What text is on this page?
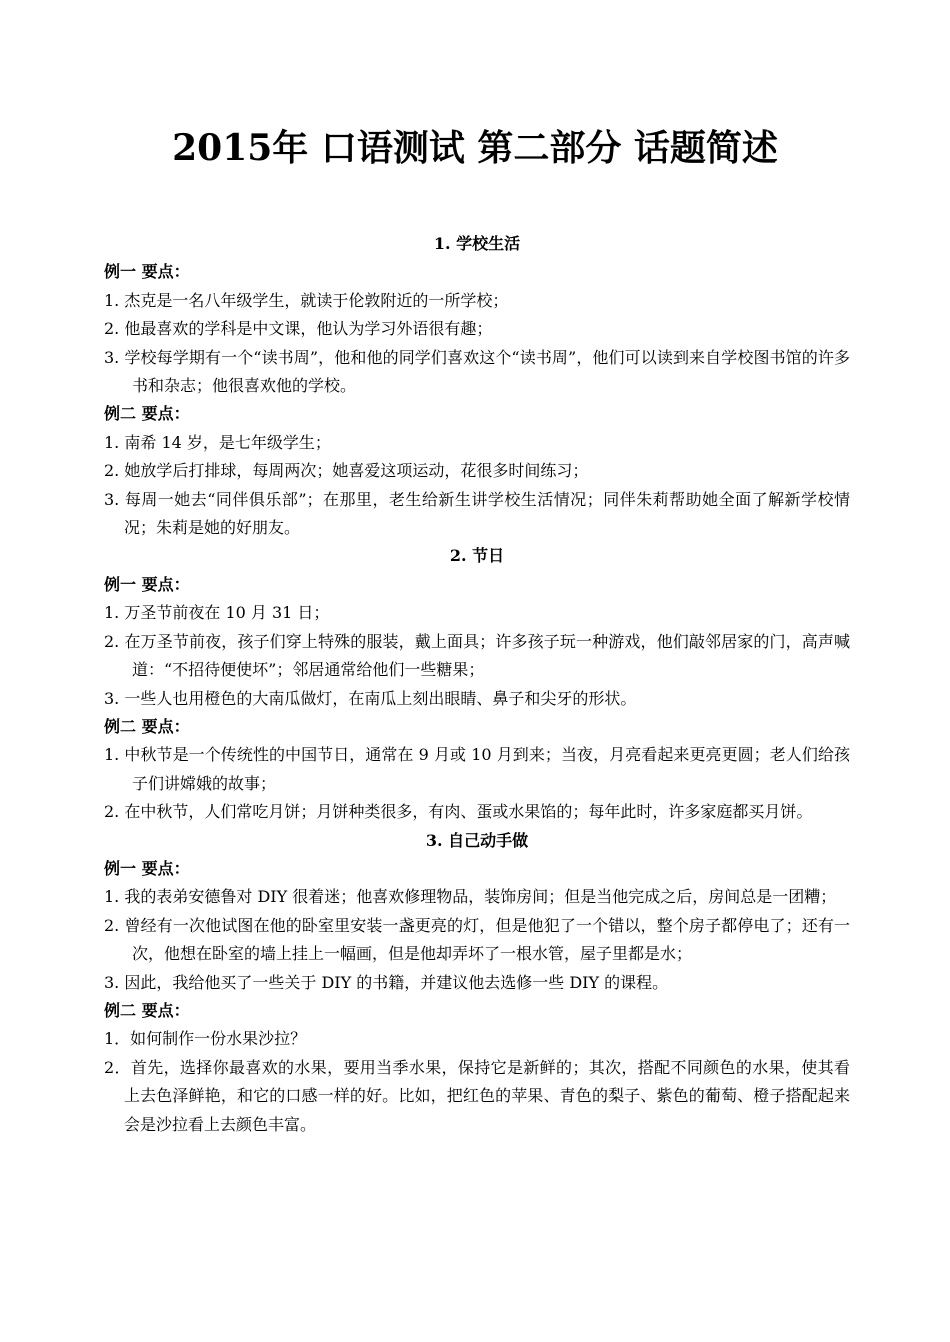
2015年 口语测试 第二部分 话题简述

1. 学校生活

例一 要点：

1. 杰克是一名八年级学生，就读于伦敦附近的一所学校；

2. 他最喜欢的学科是中文课，他认为学习外语很有趣；

3. 学校每学期有一个“读书周”，他和他的同学们喜欢这个“读书周”，他们可以读到来自学校图书馆的许多书和杂志；他很喜欢他的学校。

例二 要点：

1. 南希 14 岁，是七年级学生；

2. 她放学后打排球，每周两次；她喜爱这项运动，花很多时间练习；

3. 每周一她去“同伴俱乐部”；在那里，老生给新生讲学校生活情况；同伴朱莉帮助她全面了解新学校情况；朱莉是她的好朋友。

2. 节日

例一 要点：

1. 万圣节前夜在 10 月 31 日；

2. 在万圣节前夜，孩子们穿上特殊的服装，戴上面具；许多孩子玩一种游戏，他们敲邻居家的门，高声喊道：“不招待便使坏”；邻居通常给他们一些糖果；

3. 一些人也用橙色的大南瓜做灯，在南瓜上刻出眼睛、鼻子和尖牙的形状。

例二 要点：

1. 中秋节是一个传统性的中国节日，通常在 9 月或 10 月到来；当夜，月亮看起来更亮更圆；老人们给孩子们讲嫦娥的故事；

2. 在中秋节，人们常吃月饼；月饼种类很多，有肉、蛋或水果馅的；每年此时，许多家庭都买月饼。

3. 自己动手做

例一 要点：

1. 我的表弟安德鲁对 DIY 很着迷；他喜欢修理物品，装饰房间；但是当他完成之后，房间总是一团糟；

2. 曾经有一次他试图在他的卧室里安装一盏更亮的灯，但是他犯了一个错以，整个房子都停电了；还有一次，他想在卧室的墙上挂上一幅画，但是他却弄坏了一根水管，屋子里都是水；

3. 因此，我给他买了一些关于 DIY 的书籍，并建议他去选修一些 DIY 的课程。

例二 要点：

1．如何制作一份水果沙拉？

2．首先，选择你最喜欢的水果，要用当季水果，保持它是新鲜的；其次，搭配不同颜色的水果，使其看上去色泽鲜艳，和它的口感一样的好。比如，把红色的苹果、青色的梨子、紫色的葡萄、橙子搭配起来会是沙拉看上去颜色丰富。
